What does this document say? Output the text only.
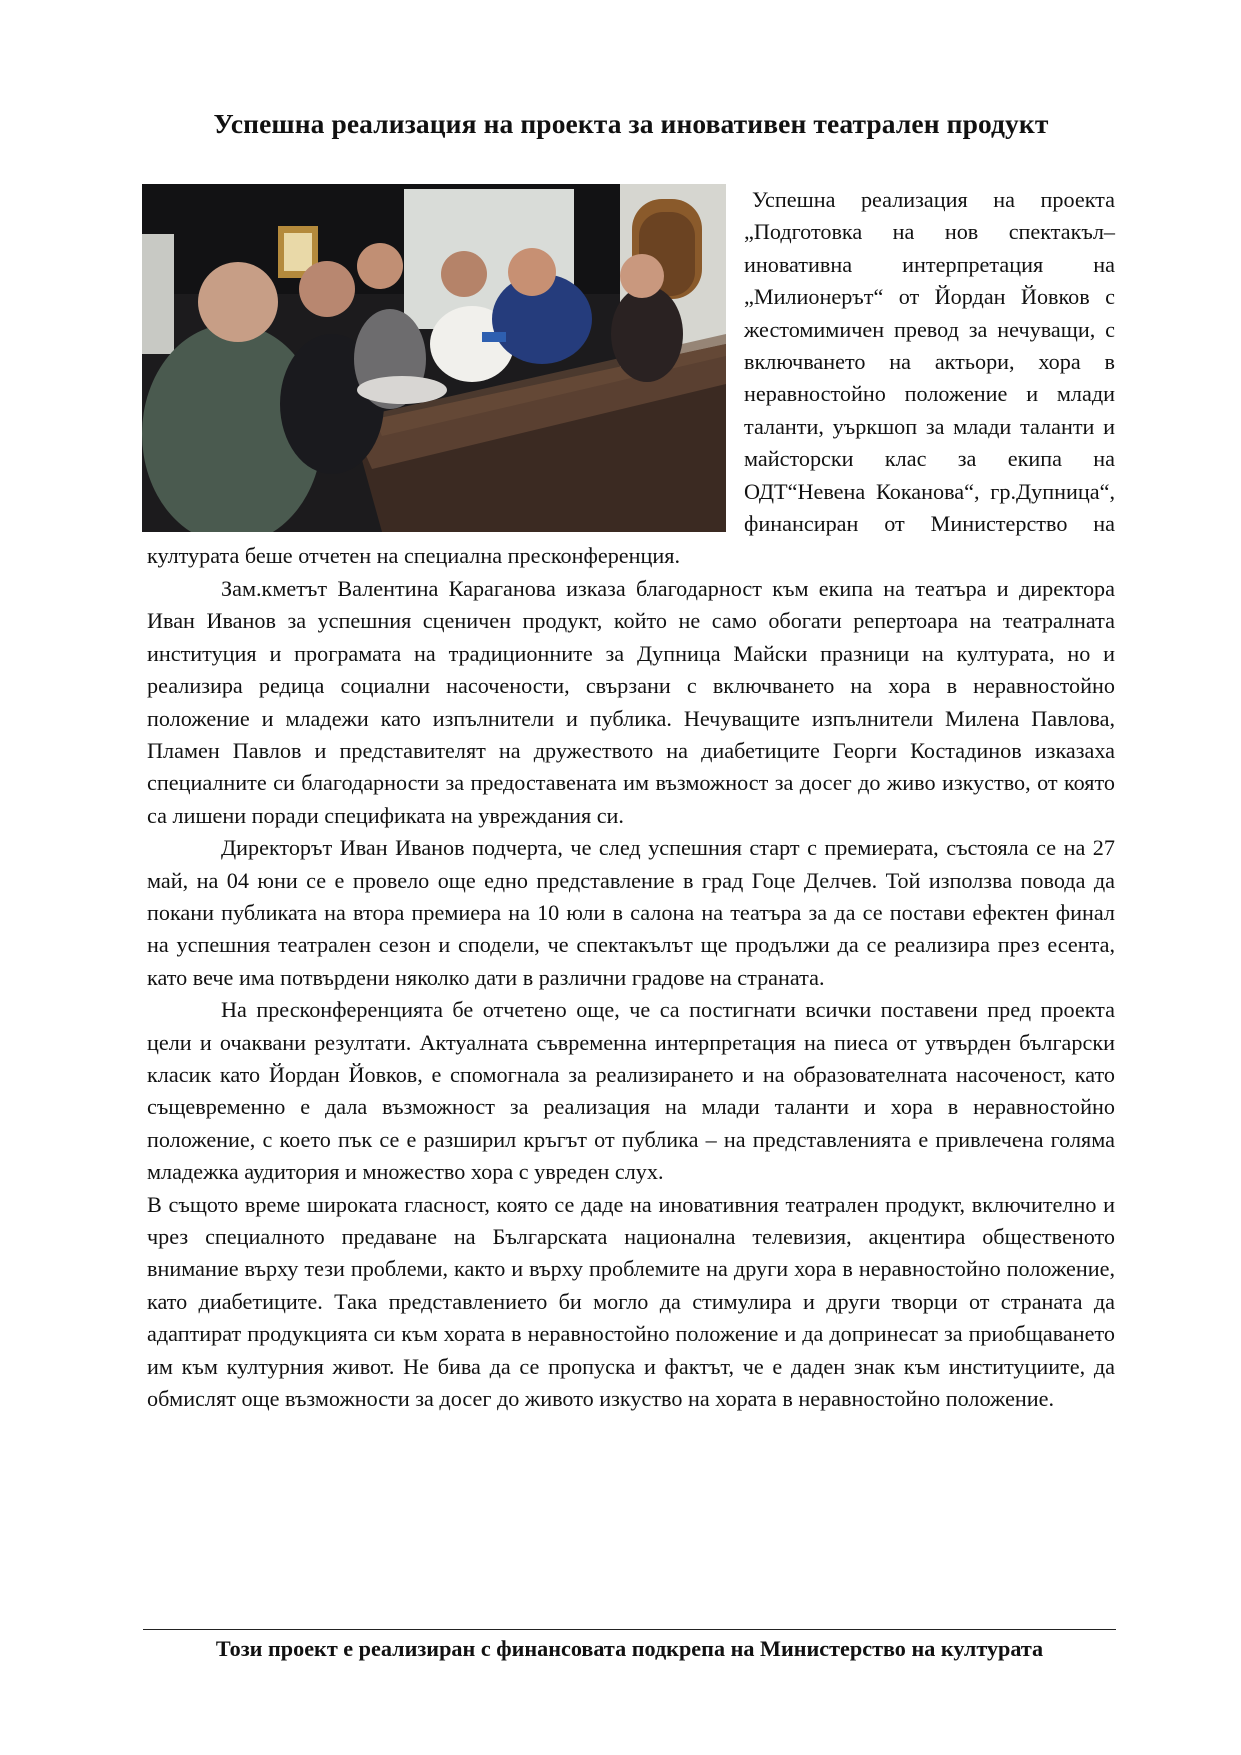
Успешна реализация на проекта за иновативен театрален продукт

Успешна реализация на проекта „Подготовка на нов спектакъл– иновативна интерпретация на „Милионерът“ от Йордан Йовков с жестомимичен превод за нечуващи, с включването на актьори, хора в неравностойно положение и млади таланти, уъркшоп за млади таланти и майсторски клас за екипа на ОДТ“Невена Коканова“, гр.Дупница“, финансиран от Министерство на културата беше отчетен на специална пресконференция.

Зам.кметът Валентина Караганова изказа благодарност към екипа на театъра и директора Иван Иванов за успешния сцeничен продукт, който не само обогати репертоара на театралната институция и програмата на традиционните за Дупница Майски празници на културата, но и реализира редица социални насочености, свързани с включването на хора в неравностойно положение и младежи като изпълнители и публика. Нечуващите изпълнители Милена Павлова, Пламен Павлов и представителят на дружеството на диабетиците Георги Костадинов изказаха специалните си благодарности за предоставената им възможност за досег до живо изкуство, от която са лишени поради спецификата на увреждания си.

Директорът Иван Иванов подчерта, че след успешния старт с премиерата, състояла се на 27 май, на 04 юни се е провело още едно представление в град Гоце Делчев. Той използва повода да покани публиката на втора премиера на 10 юли в салона на театъра за да се постави ефектен финал на успешния театрален сезон и сподели, че спектакълът ще продължи да се реализира през есента, като вече има потвърдени няколко дати в различни градове на страната.

На пресконференцията бе отчетено още, че са постигнати всички поставени пред проекта цели и очаквани резултати. Актуалната съвременна интерпретация на пиеса от утвърден български класик като Йордан Йовков, е спомогнала за реализирането и на образователната насоченост, като същевременно е дала възможност за реализация на млади таланти и хора в неравностойно положение, с което пък се е разширил кръгът от публика – на представленията е привлечена голяма младежка аудитория и множество хора с увреден слух.

В същото време широката гласност, която се даде на иновативния театрален продукт, включително и чрез специалното предаване на Българската национална телевизия, акцентира общественото внимание върху тези проблеми, както и върху проблемите на други хора в неравностойно положение, като диабетиците. Така представлението би могло да стимулира и други творци от страната да адаптират продукцията си към хората в неравностойно положение и да допринесат за приобщаването им към културния живот. Не бива да се пропуска и фактът, че е даден знак към институциите, да обмислят още възможности за досег до живото изкуство на хората в неравностойно положение.

Този проект е реализиран с финансовата подкрепа на Министерство на културата
